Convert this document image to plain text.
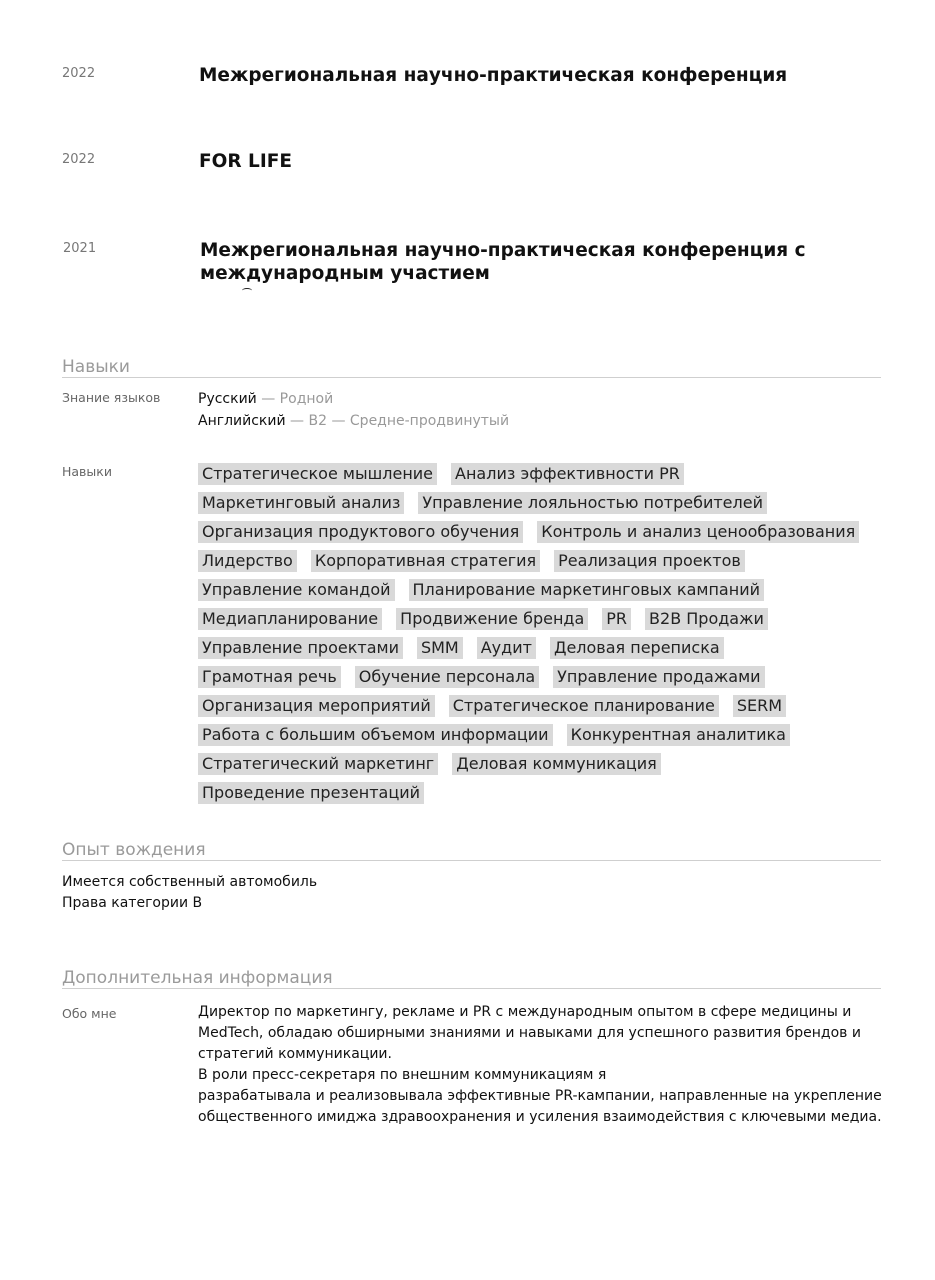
2022	Межрегиональная научно-практическая конференция
2022	FOR LIFE
2021	Межрегиональная научно-практическая конференция с
международным участием
Навыки
Знание языков	Русский — Родной
Английский — B2 — Средне-продвинутый
Навыки	Стратегическое мышление Анализ эффективности PR
Маркетинговый анализ Управление лояльностью потребителей
Организация продуктового обучения Контроль и анализ ценообразования
Лидерство Корпоративная стратегия Реализация проектов
Управление командой Планирование маркетинговых кампаний
Медиапланирование Продвижение бренда PR B2B Продажи
Управление проектами SMM Аудит Деловая переписка
Грамотная речь Обучение персонала Управление продажами
Организация мероприятий Стратегическое планирование SERM
Работа с большим объемом информации Конкурентная аналитика
Стратегический маркетинг Деловая коммуникация
Проведение презентаций
Опыт вождения
Имеется собственный автомобиль
Права категории B
Дополнительная информация
Обо мне	Директор по маркетингу, рекламе и PR с международным опытом в сфере медицины и
MedTech, обладаю обширными знаниями и навыками для успешного развития брендов и
стратегий коммуникации.
В роли пресс-секретаря по внешним коммуникациям я
разрабатывала и реализовывала эффективные PR-кампании, направленные на укрепление
общественного имиджа здравоохранения и усиления взаимодействия с ключевыми медиа.
